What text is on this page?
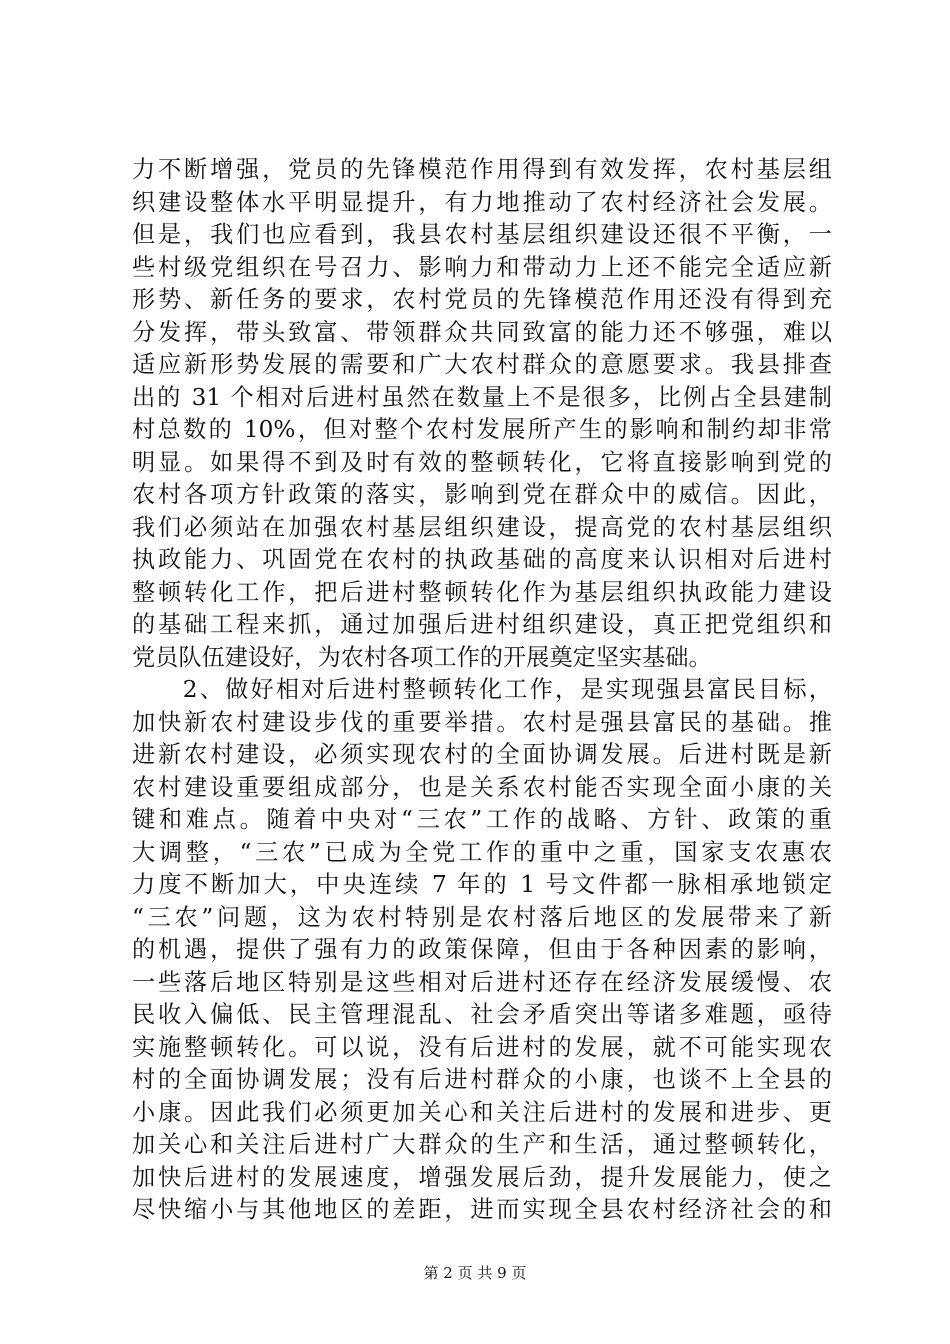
力不断增强，党员的先锋模范作用得到有效发挥，农村基层组
织建设整体水平明显提升，有力地推动了农村经济社会发展。
但是，我们也应看到，我县农村基层组织建设还很不平衡，一
些村级党组织在号召力、影响力和带动力上还不能完全适应新
形势、新任务的要求，农村党员的先锋模范作用还没有得到充
分发挥，带头致富、带领群众共同致富的能力还不够强，难以
适应新形势发展的需要和广大农村群众的意愿要求。我县排查
出的 31 个相对后进村虽然在数量上不是很多，比例占全县建制
村总数的 10%，但对整个农村发展所产生的影响和制约却非常
明显。如果得不到及时有效的整顿转化，它将直接影响到党的
农村各项方针政策的落实，影响到党在群众中的威信。因此，
我们必须站在加强农村基层组织建设，提高党的农村基层组织
执政能力、巩固党在农村的执政基础的高度来认识相对后进村
整顿转化工作，把后进村整顿转化作为基层组织执政能力建设
的基础工程来抓，通过加强后进村组织建设，真正把党组织和
党员队伍建设好，为农村各项工作的开展奠定坚实基础。
　　2、做好相对后进村整顿转化工作，是实现强县富民目标，
加快新农村建设步伐的重要举措。农村是强县富民的基础。推
进新农村建设，必须实现农村的全面协调发展。后进村既是新
农村建设重要组成部分，也是关系农村能否实现全面小康的关
键和难点。随着中央对“三农”工作的战略、方针、政策的重
大调整，“三农”已成为全党工作的重中之重，国家支农惠农
力度不断加大，中央连续 7 年的 1 号文件都一脉相承地锁定
“三农”问题，这为农村特别是农村落后地区的发展带来了新
的机遇，提供了强有力的政策保障，但由于各种因素的影响，
一些落后地区特别是这些相对后进村还存在经济发展缓慢、农
民收入偏低、民主管理混乱、社会矛盾突出等诸多难题，亟待
实施整顿转化。可以说，没有后进村的发展，就不可能实现农
村的全面协调发展；没有后进村群众的小康，也谈不上全县的
小康。因此我们必须更加关心和关注后进村的发展和进步、更
加关心和关注后进村广大群众的生产和生活，通过整顿转化，
加快后进村的发展速度，增强发展后劲，提升发展能力，使之
尽快缩小与其他地区的差距，进而实现全县农村经济社会的和
第 2 页 共 9 页
